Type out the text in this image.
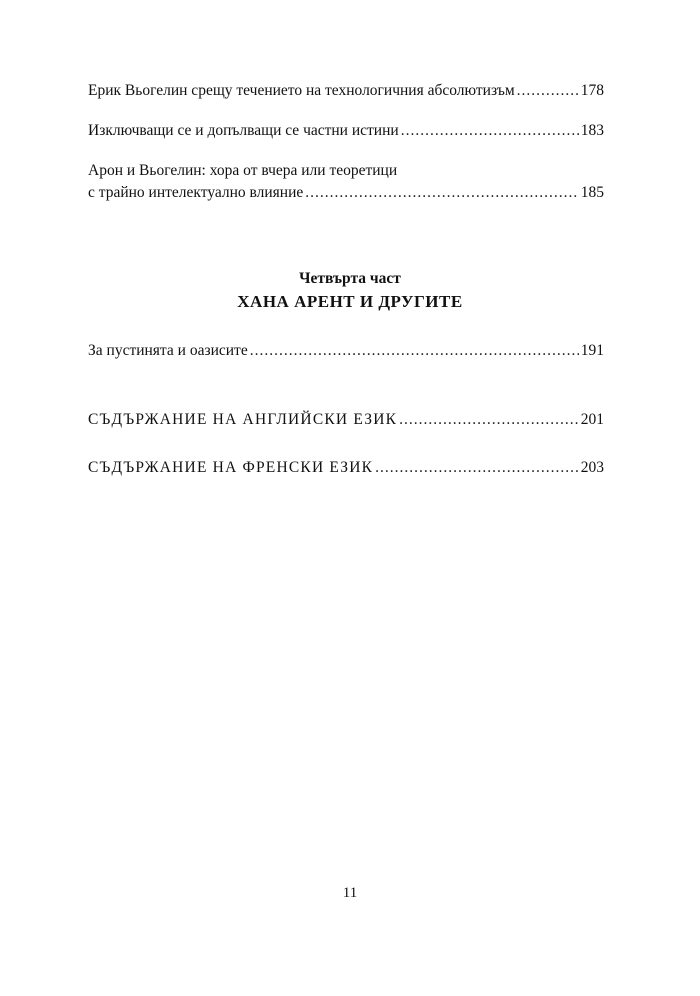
Ерик Вьогелин срещу течението на технологичния абсолютизъм .....	178
Изключващи се и допълващи се частни истини .....	183
Арон и Вьогелин: хора от вчера или теоретици
с трайно интелектуално влияние .....	185
Четвърта част
ХАНА АРЕНТ И ДРУГИТЕ
За пустинята и оазисите .....	191
СЪДЪРЖАНИЕ НА АНГЛИЙСКИ ЕЗИК .....	201
СЪДЪРЖАНИЕ НА ФРЕНСКИ ЕЗИК .....	203
11
